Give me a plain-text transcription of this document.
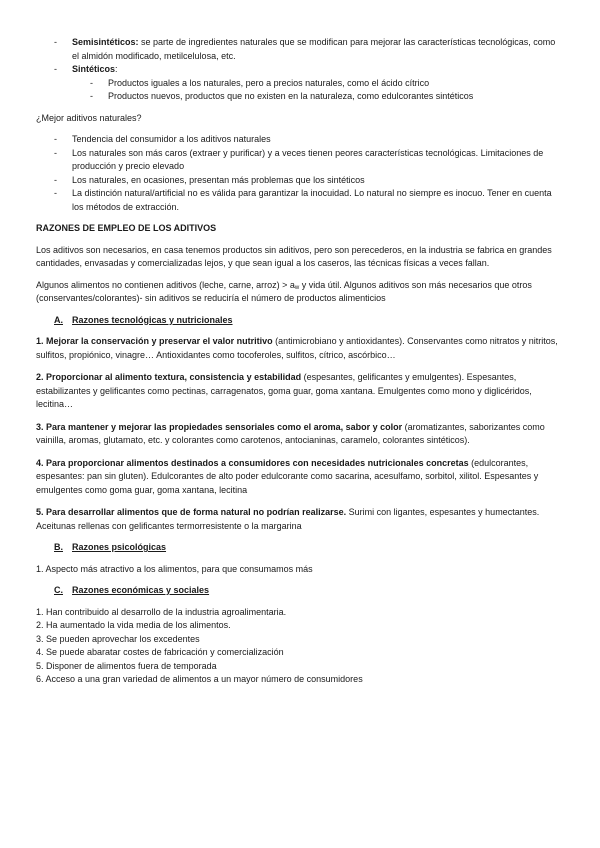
- Semisintéticos: se parte de ingredientes naturales que se modifican para mejorar las características tecnológicas, como el almidón modificado, metilcelulosa, etc.
- Sintéticos:
- Productos iguales a los naturales, pero a precios naturales, como el ácido cítrico
- Productos nuevos, productos que no existen en la naturaleza, como edulcorantes sintéticos

¿Mejor aditivos naturales?

- Tendencia del consumidor a los aditivos naturales
- Los naturales son más caros (extraer y purificar) y a veces tienen peores características tecnológicas. Limitaciones de producción y precio elevado
- Los naturales, en ocasiones, presentan más problemas que los sintéticos
- La distinción natural/artificial no es válida para garantizar la inocuidad. Lo natural no siempre es inocuo. Tener en cuenta los métodos de extracción.

RAZONES DE EMPLEO DE LOS ADITIVOS

Los aditivos son necesarios, en casa tenemos productos sin aditivos, pero son perecederos, en la industria se fabrica en grandes cantidades, envasadas y comercializadas lejos, y que sean igual a los caseros, las técnicas físicas a veces fallan.

Algunos alimentos no contienen aditivos (leche, carne, arroz) > $a_w$ y vida útil. Algunos aditivos son más necesarios que otros (conservantes/colorantes)- sin aditivos se reduciría el número de productos alimenticios

A. Razones tecnológicas y nutricionales

1. Mejorar la conservación y preservar el valor nutritivo (antimicrobiano y antioxidantes). Conservantes como nitratos y nitritos, sulfitos, propiónico, vinagre… Antioxidantes como tocoferoles, sulfitos, cítrico, ascórbico…

2. Proporcionar al alimento textura, consistencia y estabilidad (espesantes, gelificantes y emulgentes). Espesantes, estabilizantes y gelificantes como pectinas, carragenatos, goma guar, goma xantana. Emulgentes como mono y diglicéridos, lecitina…

3. Para mantener y mejorar las propiedades sensoriales como el aroma, sabor y color (aromatizantes, saborizantes como vainilla, aromas, glutamato, etc. y colorantes como carotenos, antocianinas, caramelo, colorantes sintéticos).

4. Para proporcionar alimentos destinados a consumidores con necesidades nutricionales concretas (edulcorantes, espesantes: pan sin gluten). Edulcorantes de alto poder edulcorante como sacarina, acesulfamo, sorbitol, xilitol. Espesantes y emulgentes como goma guar, goma xantana, lecitina

5. Para desarrollar alimentos que de forma natural no podrían realizarse. Surimi con ligantes, espesantes y humectantes. Aceitunas rellenas con gelificantes termorresistente o la margarina

B. Razones psicológicas

1. Aspecto más atractivo a los alimentos, para que consumamos más

C. Razones económicas y sociales

1. Han contribuido al desarrollo de la industria agroalimentaria.

2. Ha aumentado la vida media de los alimentos.

3. Se pueden aprovechar los excedentes

4. Se puede abaratar costes de fabricación y comercialización

5. Disponer de alimentos fuera de temporada

6. Acceso a una gran variedad de alimentos a un mayor número de consumidores
